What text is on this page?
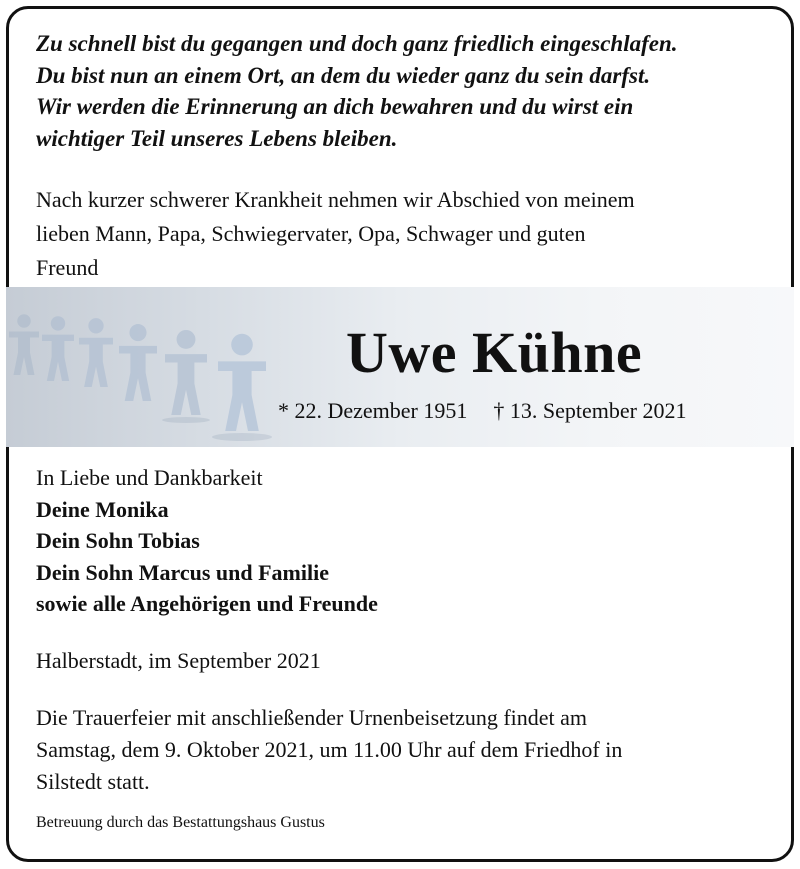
Zu schnell bist du gegangen und doch ganz friedlich eingeschlafen.
Du bist nun an einem Ort, an dem du wieder ganz du sein darfst.
Wir werden die Erinnerung an dich bewahren und du wirst ein
wichtiger Teil unseres Lebens bleiben.

Nach kurzer schwerer Krankheit nehmen wir Abschied von meinem
lieben Mann, Papa, Schwiegervater, Opa, Schwager und guten
Freund

Uwe Kühne
* 22. Dezember 1951 † 13. September 2021

In Liebe und Dankbarkeit
Deine Monika
Dein Sohn Tobias
Dein Sohn Marcus und Familie
sowie alle Angehörigen und Freunde

Halberstadt, im September 2021

Die Trauerfeier mit anschließender Urnenbeisetzung findet am
Samstag, dem 9. Oktober 2021, um 11.00 Uhr auf dem Friedhof in
Silstedt statt.

Betreuung durch das Bestattungshaus Gustus
